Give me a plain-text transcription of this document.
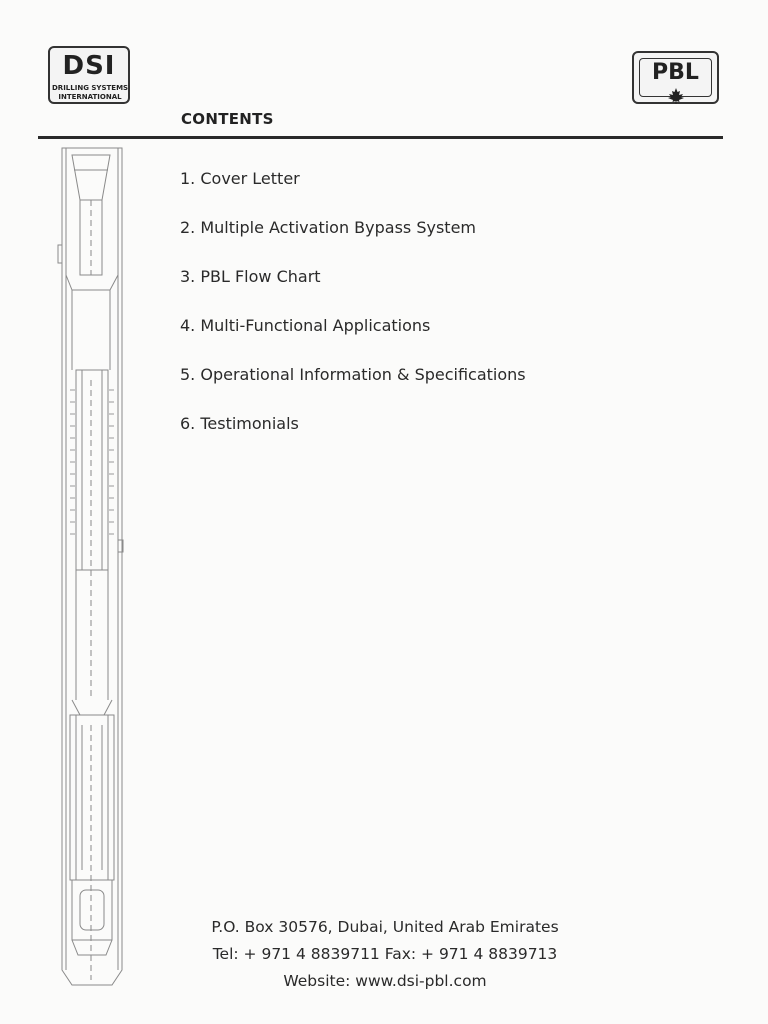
DSI
DRILLING SYSTEMS
INTERNATIONAL
PBL
CONTENTS
1. Cover Letter
2. Multiple Activation Bypass System
3. PBL Flow Chart
4. Multi-Functional Applications
5. Operational Information & Specifications
6. Testimonials
P.O. Box 30576, Dubai, United Arab Emirates
Tel: + 971 4 8839711 Fax: + 971 4 8839713
Website: www.dsi-pbl.com
